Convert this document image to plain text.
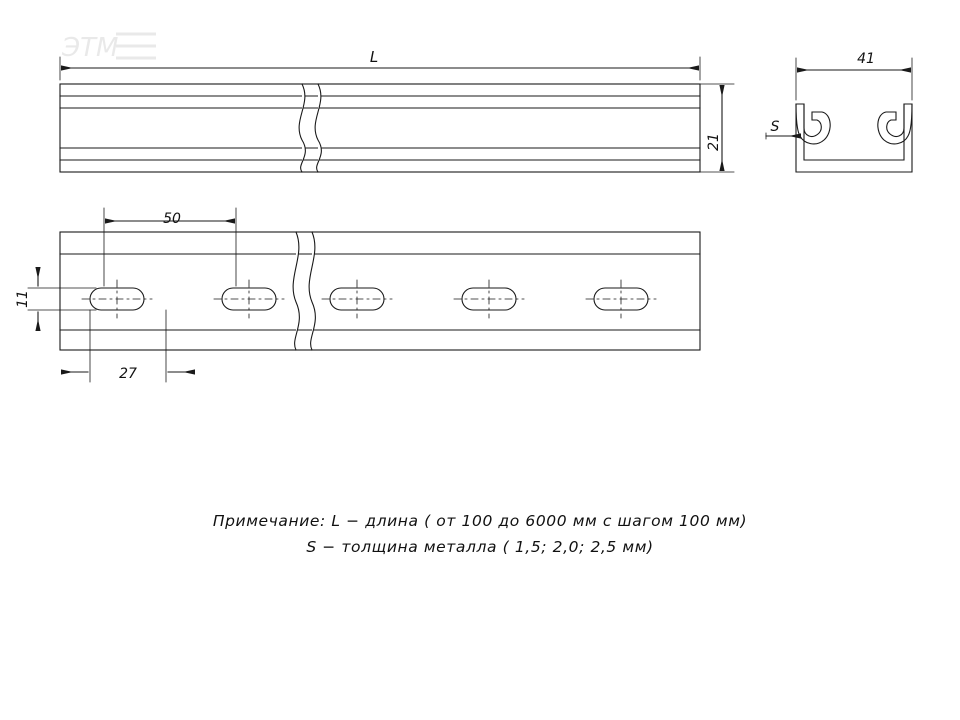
L
21
41
S
50
11
27
ЭТМ
Примечание: L − длина ( от 100 до 6000 мм с шагом 100 мм)
S − толщина металла ( 1,5; 2,0; 2,5 мм)
